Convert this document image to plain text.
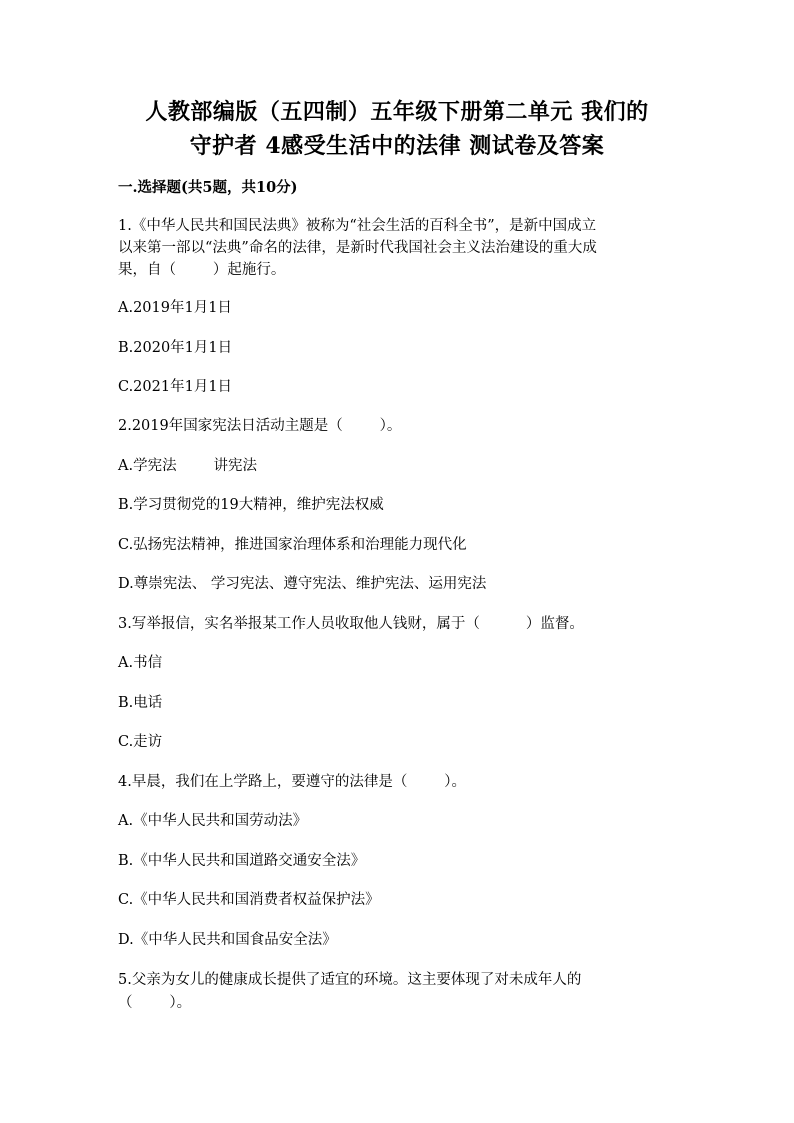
人教部编版（五四制）五年级下册第二单元 我们的
守护者 4感受生活中的法律 测试卷及答案
一.选择题(共5题，共10分)
1.《中华人民共和国民法典》被称为“社会生活的百科全书”，是新中国成立
以来第一部以“法典”命名的法律，是新时代我国社会主义法治建设的重大成
果，自（        ）起施行。
A.2019年1月1日
B.2020年1月1日
C.2021年1月1日
2.2019年国家宪法日活动主题是（        ）。
A.学宪法        讲宪法
B.学习贯彻党的19大精神，维护宪法权威
C.弘扬宪法精神，推进国家治理体系和治理能力现代化
D.尊崇宪法、 学习宪法、遵守宪法、维护宪法、运用宪法
3.写举报信，实名举报某工作人员收取他人钱财，属于（          ）监督。
A.书信
B.电话
C.走访
4.早晨，我们在上学路上，要遵守的法律是（        ）。
A.《中华人民共和国劳动法》
B.《中华人民共和国道路交通安全法》
C.《中华人民共和国消费者权益保护法》
D.《中华人民共和国食品安全法》
5.父亲为女儿的健康成长提供了适宜的环境。这主要体现了对未成年人的
（        ）。
